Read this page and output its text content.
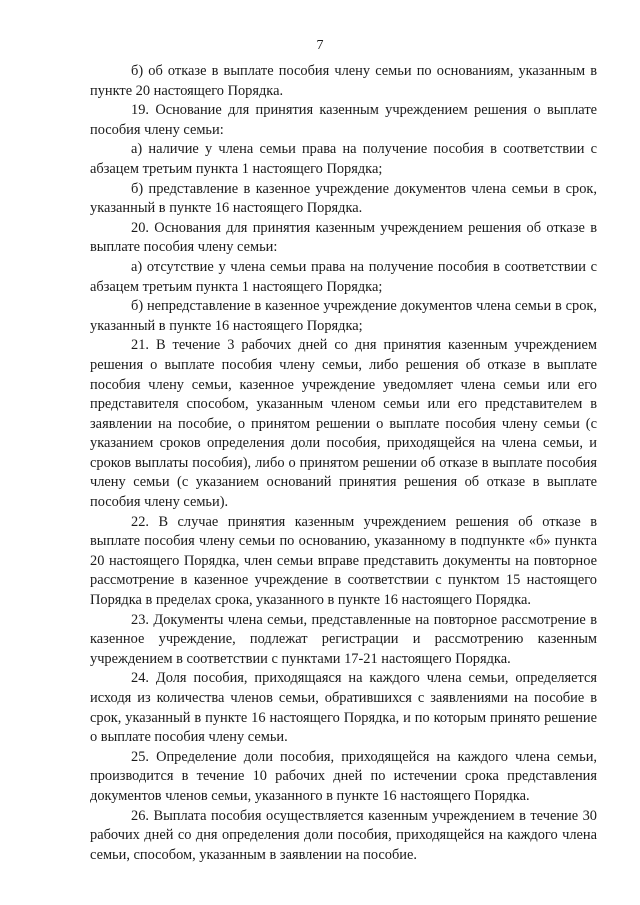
7

б) об отказе в выплате пособия члену семьи по основаниям, указанным в пункте 20 настоящего Порядка.

19. Основание для принятия казенным учреждением решения о выплате пособия члену семьи:

а) наличие у члена семьи права на получение пособия в соответствии с абзацем третьим пункта 1 настоящего Порядка;

б) представление в казенное учреждение документов члена семьи в срок, указанный в пункте 16 настоящего Порядка.

20. Основания для принятия казенным учреждением решения об отказе в выплате пособия члену семьи:

а) отсутствие у члена семьи права на получение пособия в соответствии с абзацем третьим пункта 1 настоящего Порядка;

б) непредставление в казенное учреждение документов члена семьи в срок, указанный в пункте 16 настоящего Порядка;

21. В течение 3 рабочих дней со дня принятия казенным учреждением решения о выплате пособия члену семьи, либо решения об отказе в выплате пособия члену семьи, казенное учреждение уведомляет члена семьи или его представителя способом, указанным членом семьи или его представителем в заявлении на пособие, о принятом решении о выплате пособия члену семьи (с указанием сроков определения доли пособия, приходящейся на члена семьи, и сроков выплаты пособия), либо о принятом решении об отказе в выплате пособия члену семьи (с указанием оснований принятия решения об отказе в выплате пособия члену семьи).

22. В случае принятия казенным учреждением решения об отказе в выплате пособия члену семьи по основанию, указанному в подпункте «б» пункта 20 настоящего Порядка, член семьи вправе представить документы на повторное рассмотрение в казенное учреждение в соответствии с пунктом 15 настоящего Порядка в пределах срока, указанного в пункте 16 настоящего Порядка.

23. Документы члена семьи, представленные на повторное рассмотрение в казенное учреждение, подлежат регистрации и рассмотрению казенным учреждением в соответствии с пунктами 17-21 настоящего Порядка.

24. Доля пособия, приходящаяся на каждого члена семьи, определяется исходя из количества членов семьи, обратившихся с заявлениями на пособие в срок, указанный в пункте 16 настоящего Порядка, и по которым принято решение о выплате пособия члену семьи.

25. Определение доли пособия, приходящейся на каждого члена семьи, производится в течение 10 рабочих дней по истечении срока представления документов членов семьи, указанного в пункте 16 настоящего Порядка.

26. Выплата пособия осуществляется казенным учреждением в течение 30 рабочих дней со дня определения доли пособия, приходящейся на каждого члена семьи, способом, указанным в заявлении на пособие.
